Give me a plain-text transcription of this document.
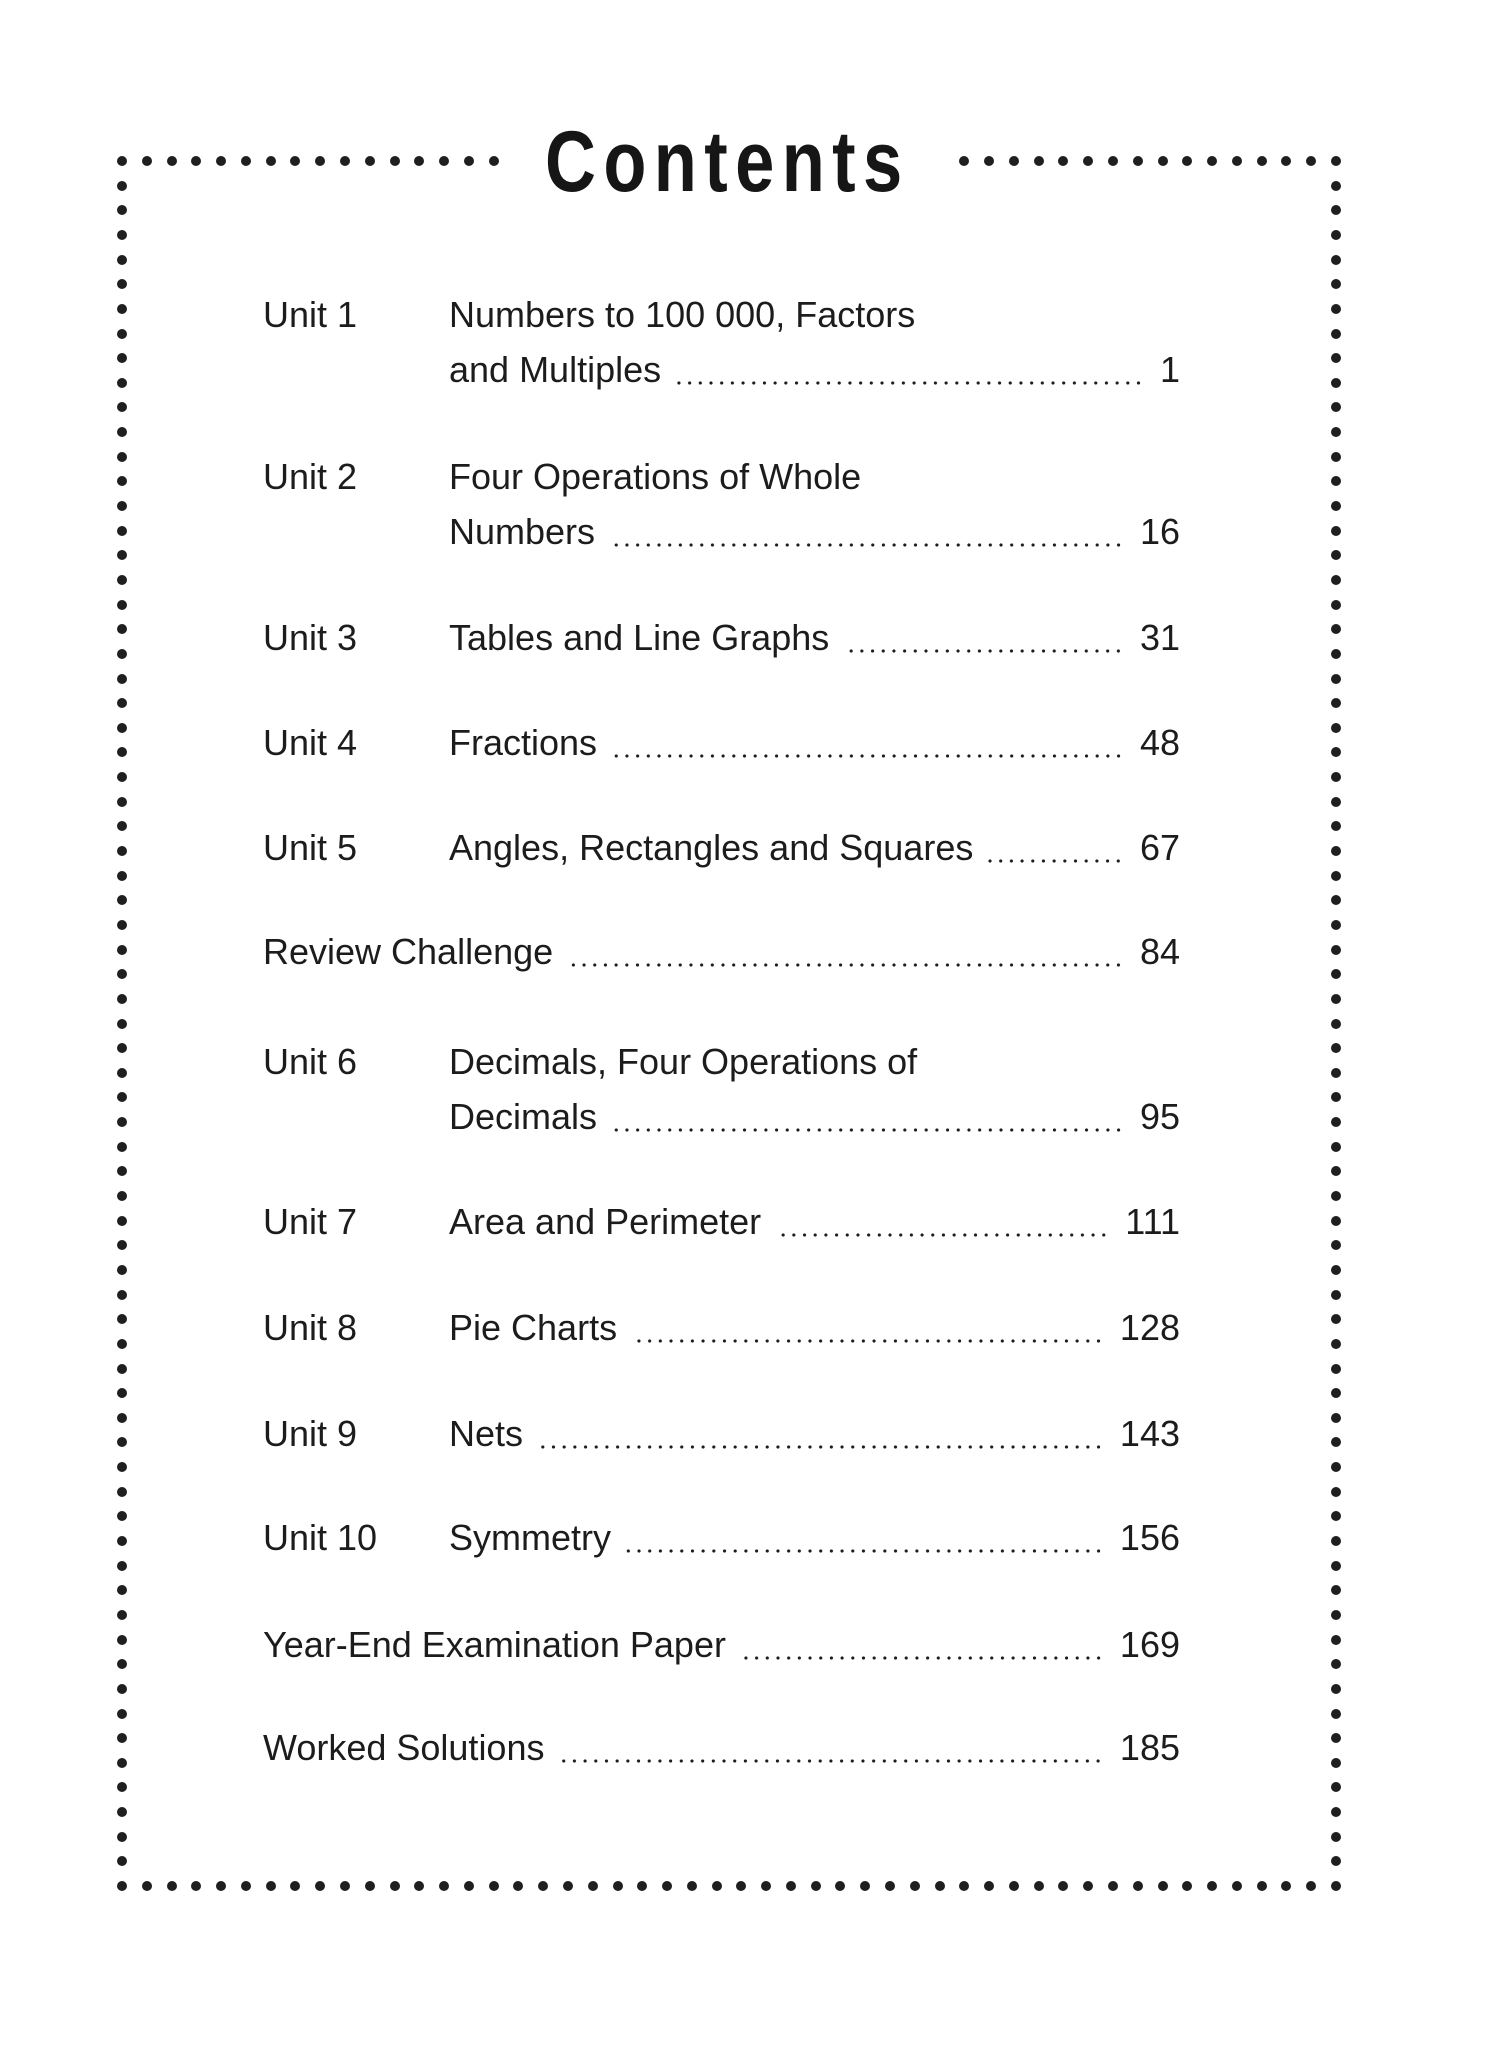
Contents
Unit 1	Numbers to 100 000, Factors
and Multiples	1
Unit 2	Four Operations of Whole
Numbers	16
Unit 3	Tables and Line Graphs	31
Unit 4	Fractions	48
Unit 5	Angles, Rectangles and Squares	67
Review Challenge	84
Unit 6	Decimals, Four Operations of
Decimals	95
Unit 7	Area and Perimeter	111
Unit 8	Pie Charts	128
Unit 9	Nets	143
Unit 10 Symmetry	156
Year-End Examination Paper	169
Worked Solutions	185
